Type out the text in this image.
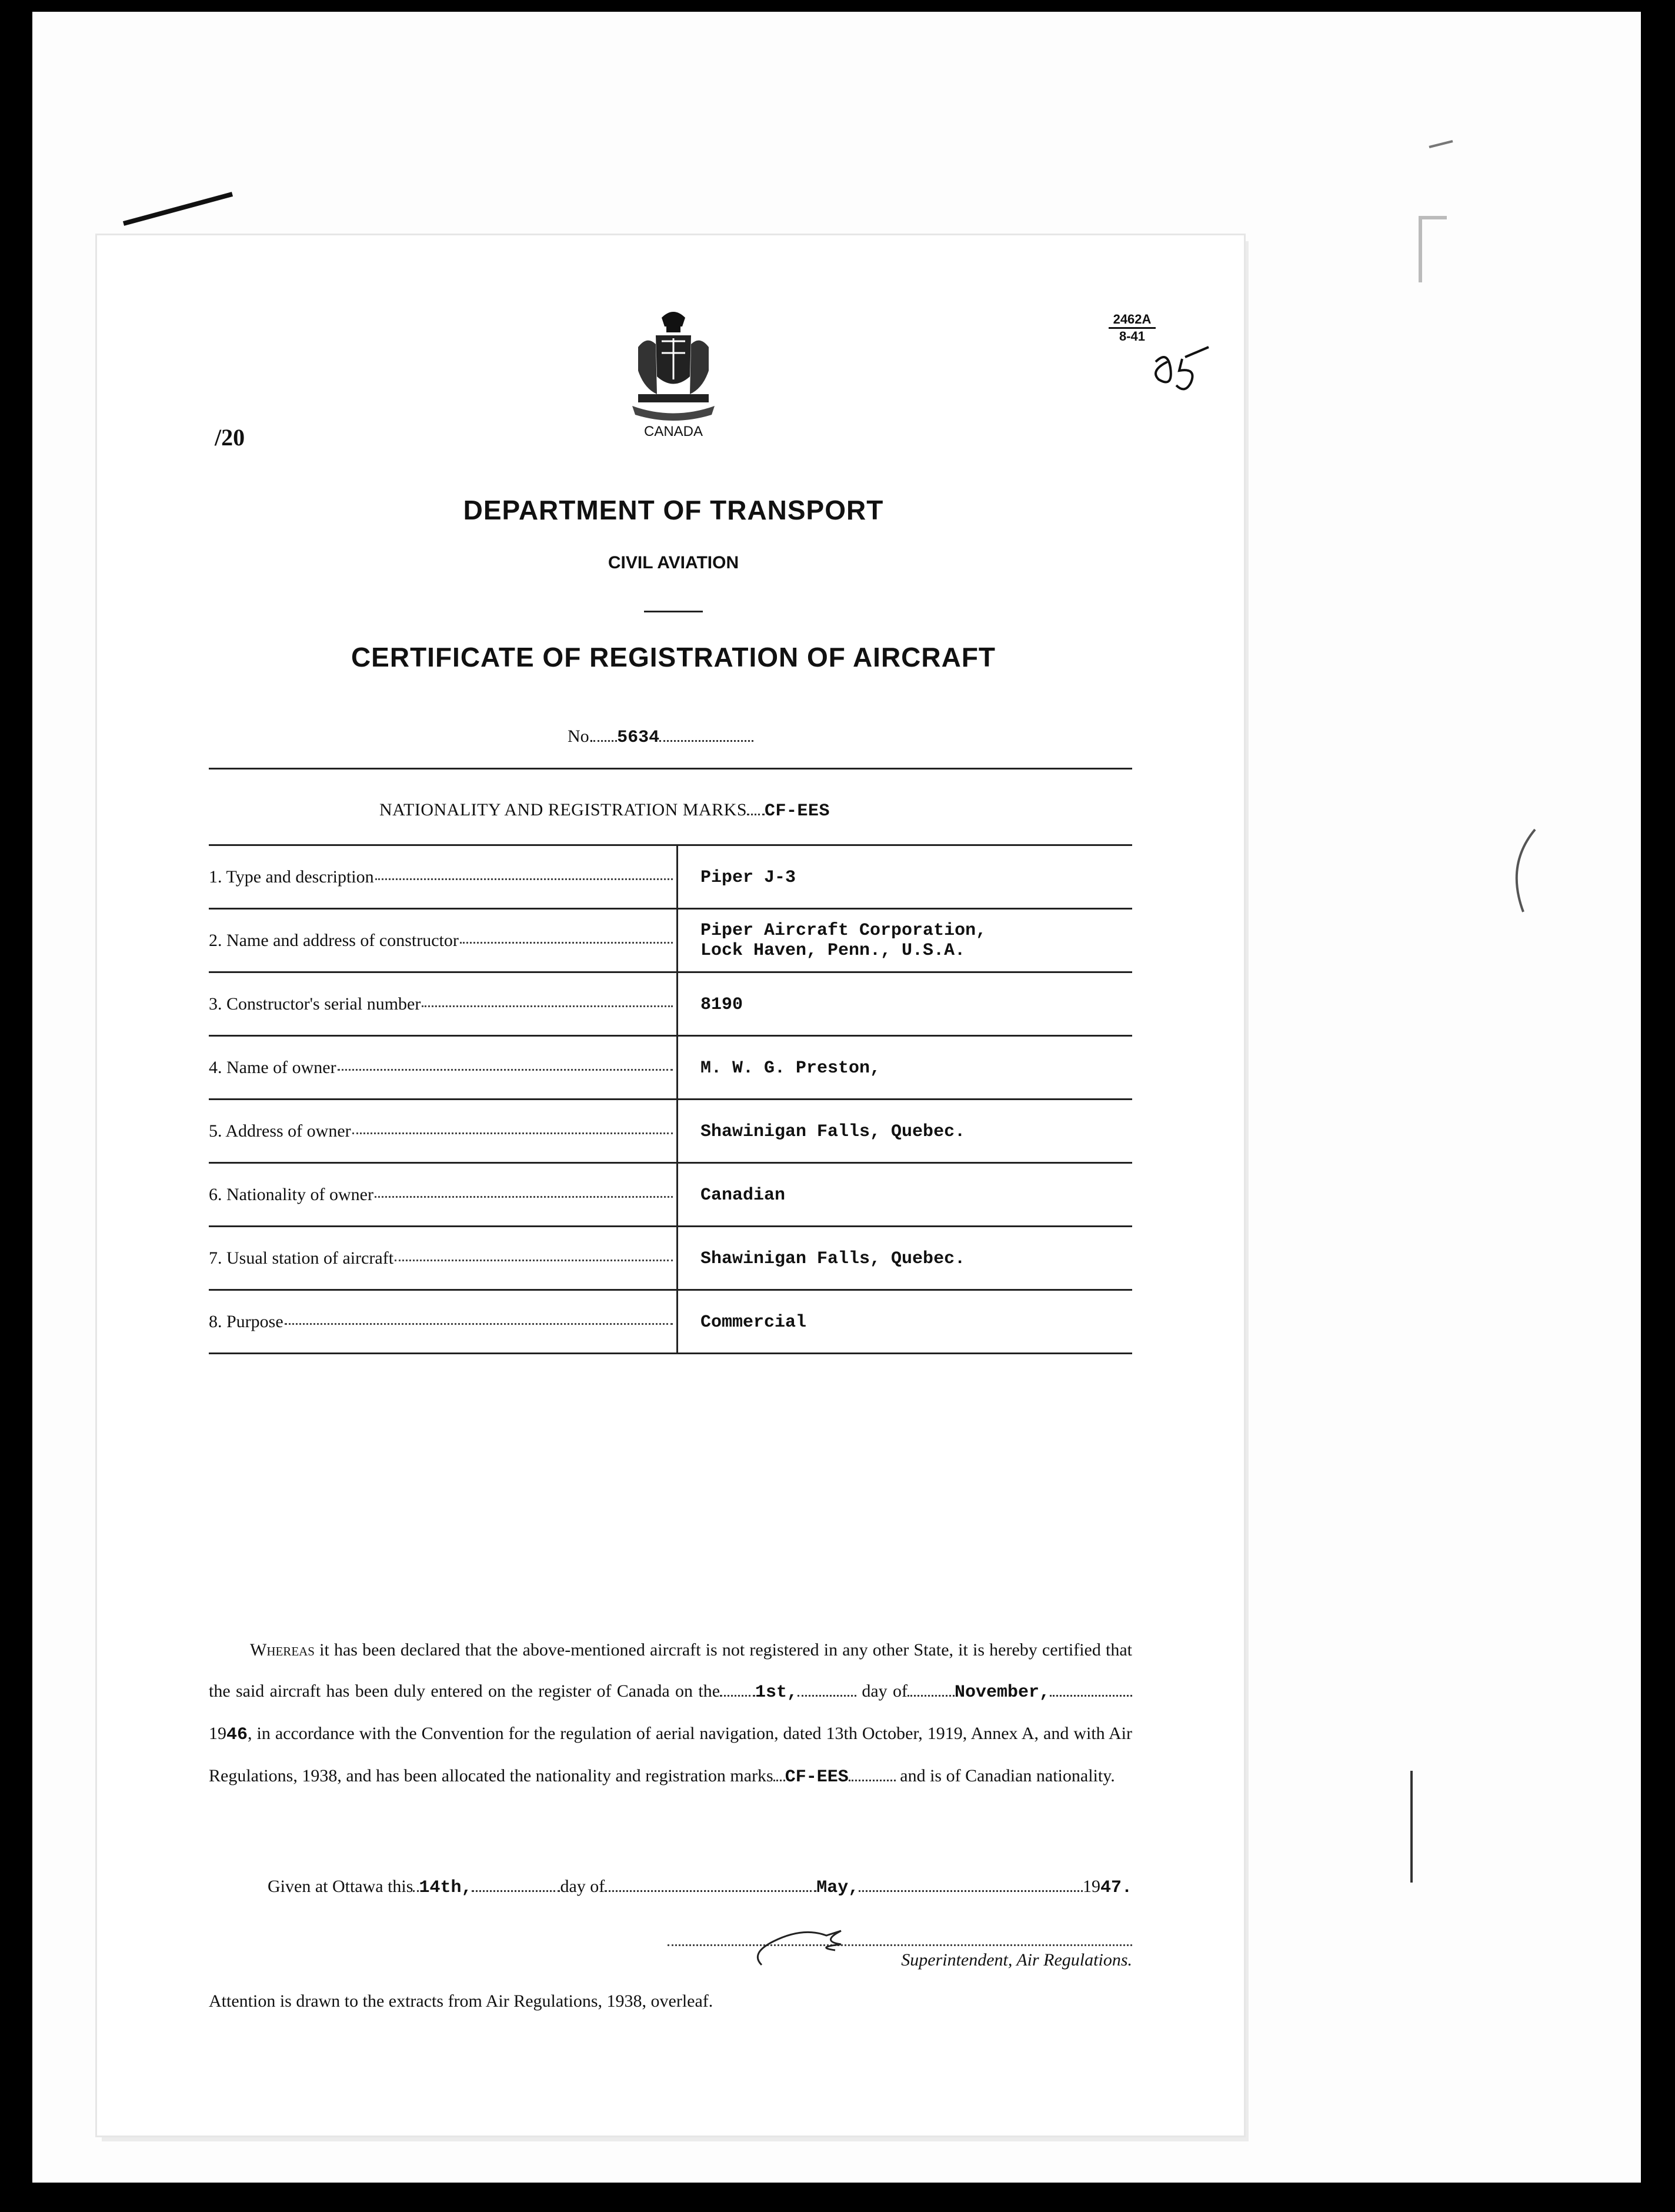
2462A
8-41
CANADA
/20
DEPARTMENT OF TRANSPORT
CIVIL AVIATION
CERTIFICATE OF REGISTRATION OF AIRCRAFT
No. 5634
NATIONALITY AND REGISTRATION MARKS CF-EES
1. Type and description	Piper J-3

2. Name and address of constructor	Piper Aircraft Corporation,
Lock Haven, Penn., U.S.A.

3. Constructor's serial number	8190

4. Name of owner	M. W. G. Preston,

5. Address of owner	Shawinigan Falls, Quebec.

6. Nationality of owner	Canadian

7. Usual station of aircraft	Shawinigan Falls, Quebec.

8. Purpose	Commercial
Whereas it has been declared that the above-mentioned aircraft is not registered in any other State, it is hereby certified that the said aircraft has been duly entered on the register of Canada on the 1st,	day of	November, 1946, in accordance with the Convention for the regulation of aerial navigation, dated 13th October, 1919, Annex A, and with Air Regulations, 1938, and has been allocated the nationality and registration marks CF-EES	and is of Canadian nationality.
Given at Ottawa this 14th,	day of	May,	19 47.
Superintendent, Air Regulations.
Attention is drawn to the extracts from Air Regulations, 1938, overleaf.
